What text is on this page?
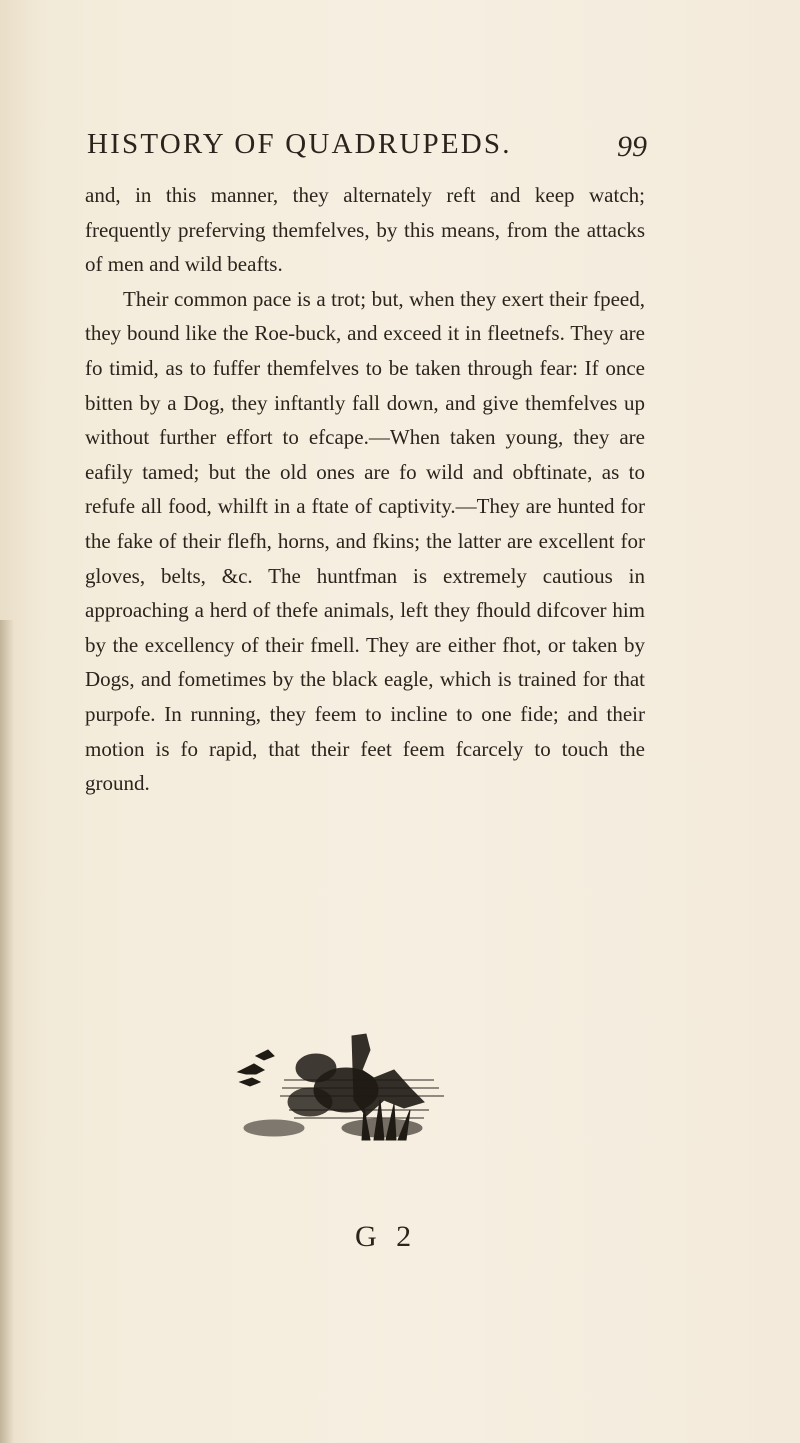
HISTORY OF QUADRUPEDS.	99

and, in this manner, they alternately reft and keep watch; frequently preferving themfelves, by this means, from the attacks of men and wild beafts.

Their common pace is a trot; but, when they exert their fpeed, they bound like the Roe-buck, and exceed it in fleetnefs. They are fo timid, as to fuffer themfelves to be taken through fear: If once bitten by a Dog, they inftantly fall down, and give themfelves up without further effort to efcape.—When taken young, they are eafily tamed; but the old ones are fo wild and obftinate, as to refufe all food, whilft in a ftate of captivity.—They are hunted for the fake of their flefh, horns, and fkins; the latter are excellent for gloves, belts, &c. The huntfman is extremely cautious in approaching a herd of thefe animals, left they fhould difcover him by the excellency of their fmell. They are either fhot, or taken by Dogs, and fometimes by the black eagle, which is trained for that purpofe. In running, they feem to incline to one fide; and their motion is fo rapid, that their feet feem fcarcely to touch the ground.

G 2
